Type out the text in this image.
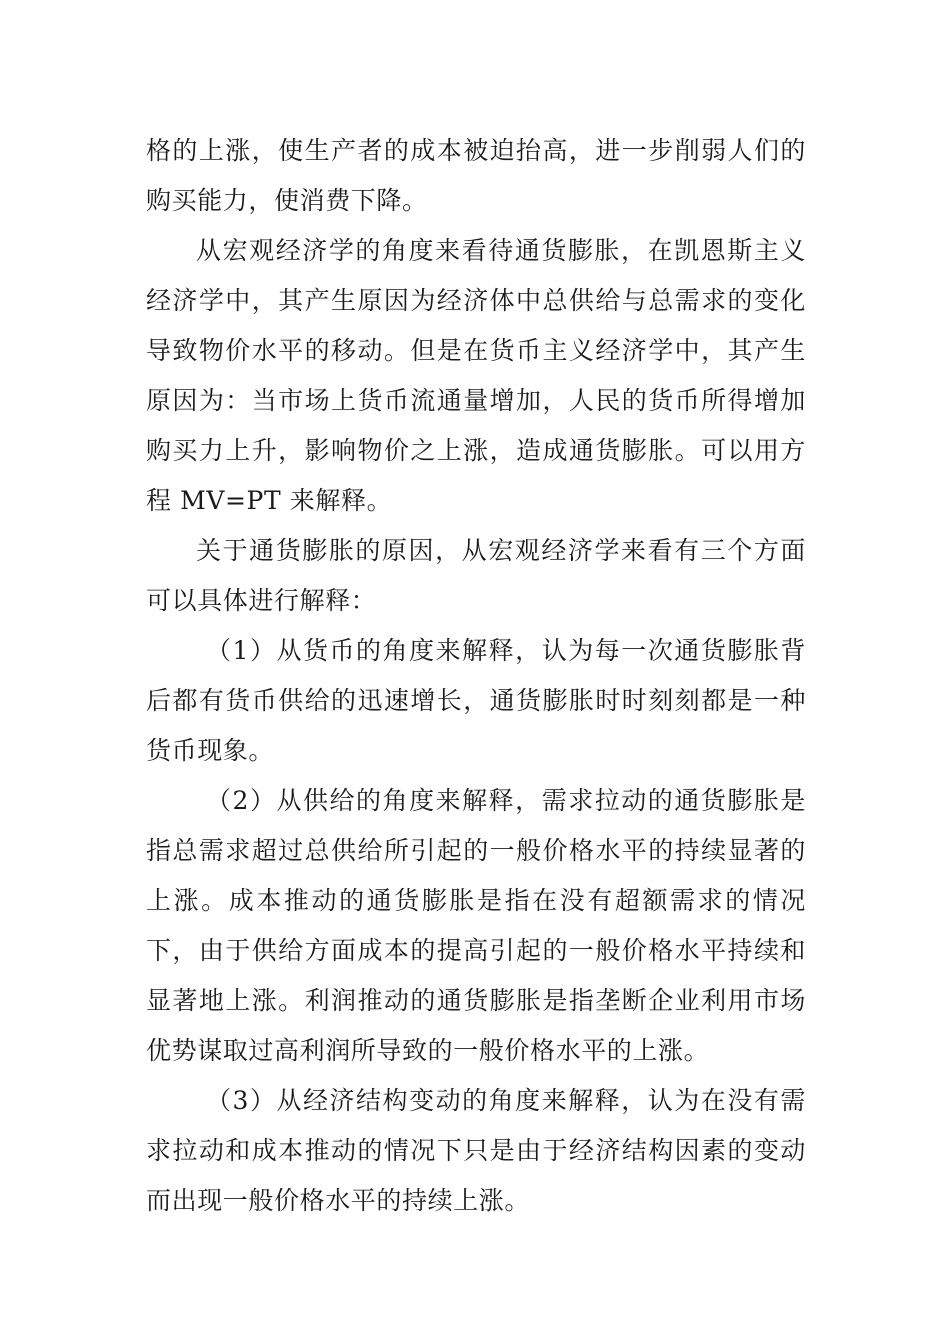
格的上涨，使生产者的成本被迫抬高，进一步削弱人们的购买能力，使消费下降。

从宏观经济学的角度来看待通货膨胀，在凯恩斯主义经济学中，其产生原因为经济体中总供给与总需求的变化导致物价水平的移动。但是在货币主义经济学中，其产生原因为：当市场上货币流通量增加，人民的货币所得增加购买力上升，影响物价之上涨，造成通货膨胀。可以用方程 MV=PT 来解释。

关于通货膨胀的原因，从宏观经济学来看有三个方面可以具体进行解释：

（1）从货币的角度来解释，认为每一次通货膨胀背后都有货币供给的迅速增长，通货膨胀时时刻刻都是一种货币现象。

（2）从供给的角度来解释，需求拉动的通货膨胀是指总需求超过总供给所引起的一般价格水平的持续显著的上涨。成本推动的通货膨胀是指在没有超额需求的情况下，由于供给方面成本的提高引起的一般价格水平持续和显著地上涨。利润推动的通货膨胀是指垄断企业利用市场优势谋取过高利润所导致的一般价格水平的上涨。

（3）从经济结构变动的角度来解释，认为在没有需求拉动和成本推动的情况下只是由于经济结构因素的变动而出现一般价格水平的持续上涨。
